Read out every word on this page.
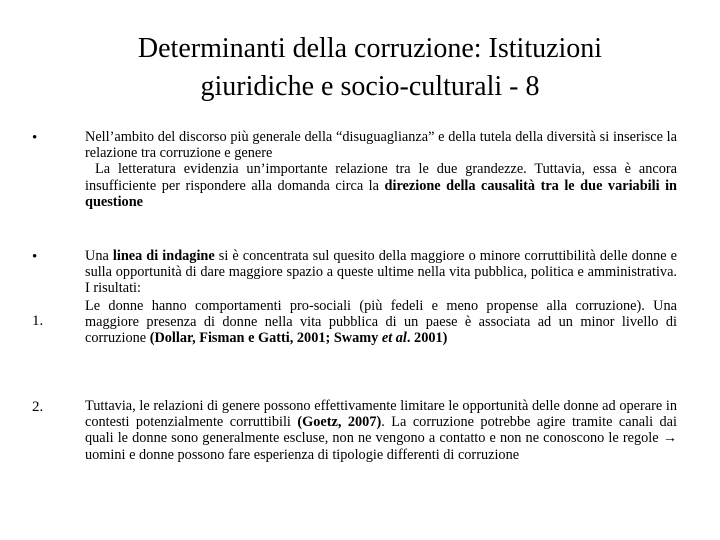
Determinanti della corruzione: Istituzioni
giuridiche e socio-culturali - 8
•	Nell’ambito del discorso più generale della “disuguaglianza” e della tutela della diversità si inserisce la relazione tra corruzione e genere

La letteratura evidenzia un’importante relazione tra le due grandezze. Tuttavia, essa è ancora insufficiente per rispondere alla domanda circa la direzione della causalità tra le due variabili in questione

•	Una linea di indagine si è concentrata sul quesito della maggiore o minore corruttibilità delle donne e sulla opportunità di dare maggiore spazio a queste ultime nella vita pubblica, politica e amministrativa. I risultati:

1.

Le donne hanno comportamenti pro-sociali (più fedeli e meno propense alla corruzione). Una maggiore presenza di donne nella vita pubblica di un paese è associata ad un minor livello di corruzione (Dollar, Fisman e Gatti, 2001; Swamy et al. 2001)

2.	Tuttavia, le relazioni di genere possono effettivamente limitare le opportunità delle donne ad operare in contesti potenzialmente corruttibili (Goetz, 2007). La corruzione potrebbe agire tramite canali dai quali le donne sono generalmente escluse, non ne vengono a contatto e non ne conoscono le regole → uomini e donne possono fare esperienza di tipologie differenti di corruzione
